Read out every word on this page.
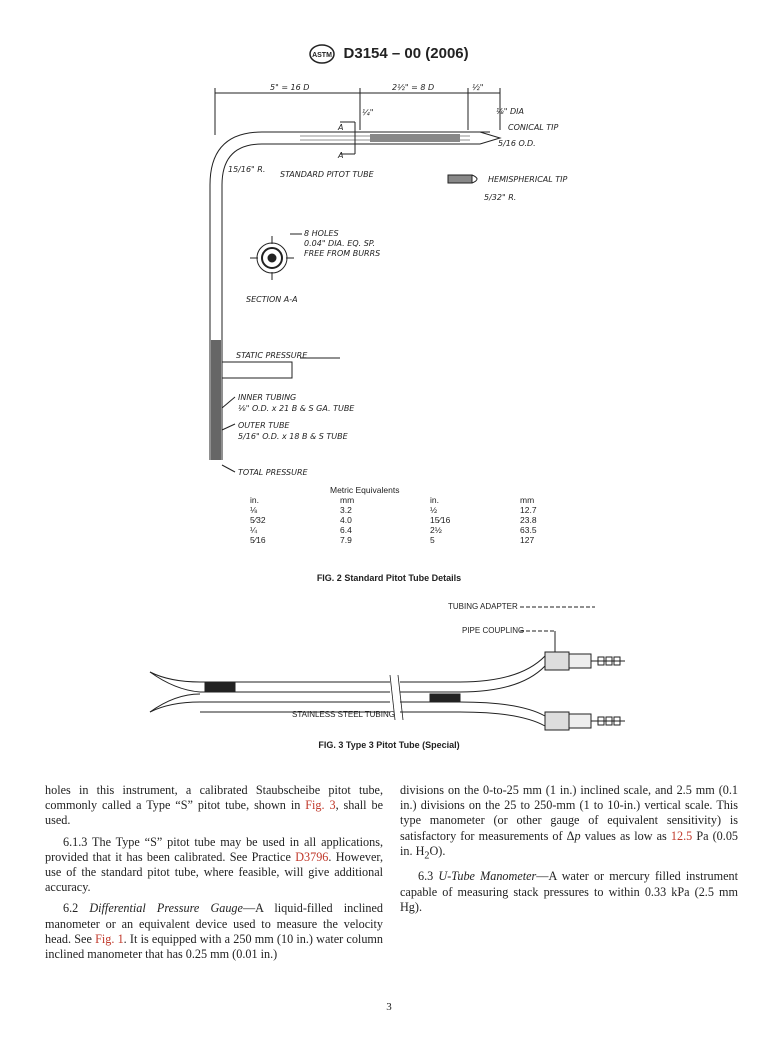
ASTM D3154 – 00 (2006)
5" = 16 D	2½" = 8 D	½"
A
A
¼"	⅛" DIA
CONICAL TIP
5/16 O.D.
15/16" R.
STANDARD PITOT TUBE
HEMISPHERICAL TIP
5/32" R.
8 HOLES
0.04" DIA. EQ. SP.
FREE FROM BURRS
SECTION A-A
STATIC PRESSURE
INNER TUBING
⅛" O.D. x 21 B & S GA. TUBE
OUTER TUBE
5/16" O.D. x 18 B & S TUBE
TOTAL PRESSURE
Metric Equivalents
in.	mm	in.	mm
⅛	3.2	½	12.7
5⁄32	4.0	15⁄16	23.8
¼	6.4	2½	63.5
5⁄16	7.9	5	127
FIG. 2 Standard Pitot Tube Details
TUBING ADAPTER
PIPE COUPLING
STAINLESS STEEL TUBING
FIG. 3 Type 3 Pitot Tube (Special)

holes in this instrument, a calibrated Staubscheibe pitot tube, commonly called a Type “S” pitot tube, shown in Fig. 3, shall be used.

6.1.3 The Type “S” pitot tube may be used in all applications, provided that it has been calibrated. See Practice D3796. However, use of the standard pitot tube, where feasible, will give additional accuracy.

6.2 Differential Pressure Gauge—A liquid-filled inclined manometer or an equivalent device used to measure the velocity head. See Fig. 1. It is equipped with a 250 mm (10 in.) water column inclined manometer that has 0.25 mm (0.01 in.)

divisions on the 0-to-25 mm (1 in.) inclined scale, and 2.5 mm (0.1 in.) divisions on the 25 to 250-mm (1 to 10-in.) vertical scale. This type manometer (or other gauge of equivalent sensitivity) is satisfactory for measurements of Δp values as low as 12.5 Pa (0.05 in. $H_2O$).

6.3 U-Tube Manometer—A water or mercury filled instrument capable of measuring stack pressures to within 0.33 kPa (2.5 mm Hg).

3
